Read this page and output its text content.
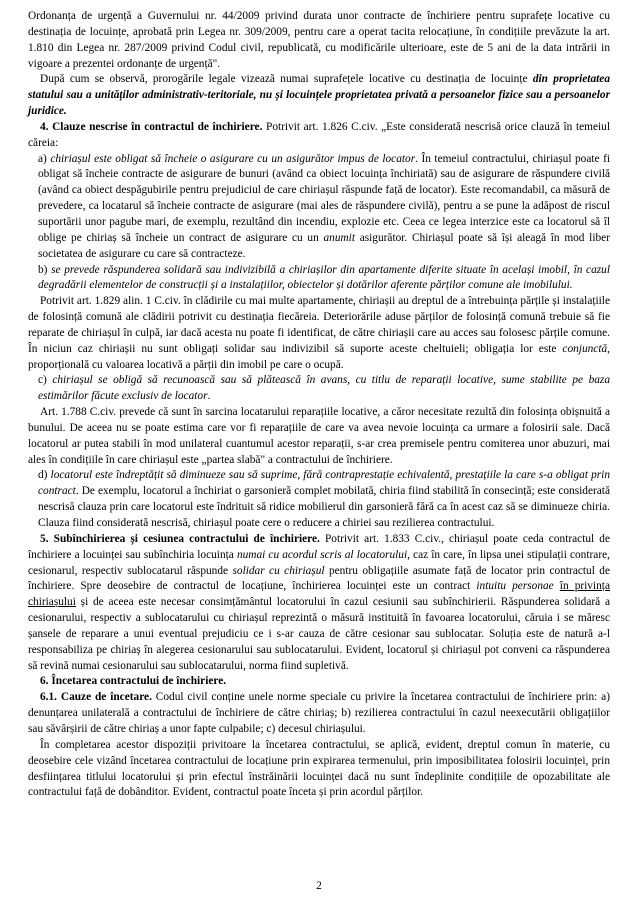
Ordonanța de urgență a Guvernului nr. 44/2009 privind durata unor contracte de închiriere pentru suprafețe locative cu destinația de locuințe, aprobată prin Legea nr. 309/2009, pentru care a operat tacita relocațiune, în condițiile prevăzute la art. 1.810 din Legea nr. 287/2009 privind Codul civil, republicată, cu modificările ulterioare, este de 5 ani de la data intrării in vigoare a prezentei ordonanțe de urgență".

După cum se observă, prorogările legale vizează numai suprafețele locative cu destinația de locuințe din proprietatea statului sau a unităților administrativ-teritoriale, nu și locuințele proprietatea privată a persoanelor fizice sau a persoanelor juridice.

4. Clauze nescrise în contractul de închiriere. Potrivit art. 1.826 C.civ. „Este considerată nescrisă orice clauză în temeiul căreia:

a) chiriașul este obligat să încheie o asigurare cu un asigurător impus de locator. În temeiul contractului, chiriașul poate fi obligat să încheie contracte de asigurare de bunuri (având ca obiect locuința închiriată) sau de asigurare de răspundere civilă (având ca obiect despăgubirile pentru prejudiciul de care chiriașul răspunde față de locator). Este recomandabil, ca măsură de prevedere, ca locatarul să încheie contracte de asigurare (mai ales de răspundere civilă), pentru a se pune la adăpost de riscul suportării unor pagube mari, de exemplu, rezultând din incendiu, explozie etc. Ceea ce legea interzice este ca locatorul să îl oblige pe chiriaș să încheie un contract de asigurare cu un anumit asigurător. Chiriașul poate să își aleagă în mod liber societatea de asigurare cu care să contracteze.

b) se prevede răspunderea solidară sau indivizibilă a chiriașilor din apartamente diferite situate în același imobil, în cazul degradării elementelor de construcții și a instalațiilor, obiectelor și dotărilor aferente părților comune ale imobilului.

Potrivit art. 1.829 alin. 1 C.civ. în clădirile cu mai multe apartamente, chiriașii au dreptul de a întrebuința părțile și instalațiile de folosință comună ale clădirii potrivit cu destinația fiecăreia. Deteriorările aduse părților de folosință comună trebuie să fie reparate de chiriașul în culpă, iar dacă acesta nu poate fi identificat, de către chiriașii care au acces sau folosesc părțile comune. În niciun caz chiriașii nu sunt obligați solidar sau indivizibil să suporte aceste cheltuieli; obligația lor este conjunctă, proporțională cu valoarea locativă a părții din imobil pe care o ocupă.

c) chiriașul se obligă să recunoască sau să plătească în avans, cu titlu de reparații locative, sume stabilite pe baza estimărilor făcute exclusiv de locator.

Art. 1.788 C.civ. prevede că sunt în sarcina locatarului reparațiile locative, a căror necesitate rezultă din folosința obișnuită a bunului. De aceea nu se poate estima care vor fi reparațiile de care va avea nevoie locuința ca urmare a folosirii sale. Dacă locatorul ar putea stabili în mod unilateral cuantumul acestor reparații, s-ar crea premisele pentru comiterea unor abuzuri, mai ales în condițiile în care chiriașul este „partea slabă" a contractului de închiriere.

d) locatorul este îndreptățit să diminueze sau să suprime, fără contraprestație echivalentă, prestațiile la care s-a obligat prin contract. De exemplu, locatorul a închiriat o garsonieră complet mobilată, chiria fiind stabilită în consecință; este considerată nescrisă clauza prin care locatorul este îndrituit să ridice mobilierul din garsonieră fără ca în acest caz să se diminueze chiria. Clauza fiind considerată nescrisă, chiriașul poate cere o reducere a chiriei sau rezilierea contractului.

5. Subînchirierea și cesiunea contractului de închiriere. Potrivit art. 1.833 C.civ., chiriașul poate ceda contractul de închiriere a locuinței sau subînchiria locuința numai cu acordul scris al locatorului, caz în care, în lipsa unei stipulații contrare, cesionarul, respectiv sublocatarul răspunde solidar cu chiriașul pentru obligațiile asumate față de locator prin contractul de închiriere. Spre deosebire de contractul de locațiune, închirierea locuinței este un contract intuitu personae în privința chiriașului și de aceea este necesar consimțământul locatorului în cazul cesiunii sau subînchirierii. Răspunderea solidară a cesionarului, respectiv a sublocatarului cu chiriașul reprezintă o măsură instituită în favoarea locatorului, căruia i se măresc șansele de reparare a unui eventual prejudiciu ce i s-ar cauza de către cesionar sau sublocatar. Soluția este de natură a-l responsabiliza pe chiriaș în alegerea cesionarului sau sublocatarului. Evident, locatorul și chiriașul pot conveni ca răspunderea să revină numai cesionarului sau sublocatarului, norma fiind supletivă.

6. Încetarea contractului de închiriere.

6.1. Cauze de încetare. Codul civil conține unele norme speciale cu privire la încetarea contractului de închiriere prin: a) denunțarea unilaterală a contractului de închiriere de către chiriaș; b) rezilierea contractului în cazul neexecutării obligațiilor sau săvârșirii de către chiriaș a unor fapte culpabile; c) decesul chiriașului.

În completarea acestor dispoziții privitoare la încetarea contractului, se aplică, evident, dreptul comun în materie, cu deosebire cele vizând încetarea contractului de locațiune prin expirarea termenului, prin imposibilitatea folosirii locuinței, prin desființarea titlului locatorului și prin efectul înstrăinării locuinței dacă nu sunt îndeplinite condițiile de opozabilitate ale contractului față de dobânditor. Evident, contractul poate înceta și prin acordul părților.

2
